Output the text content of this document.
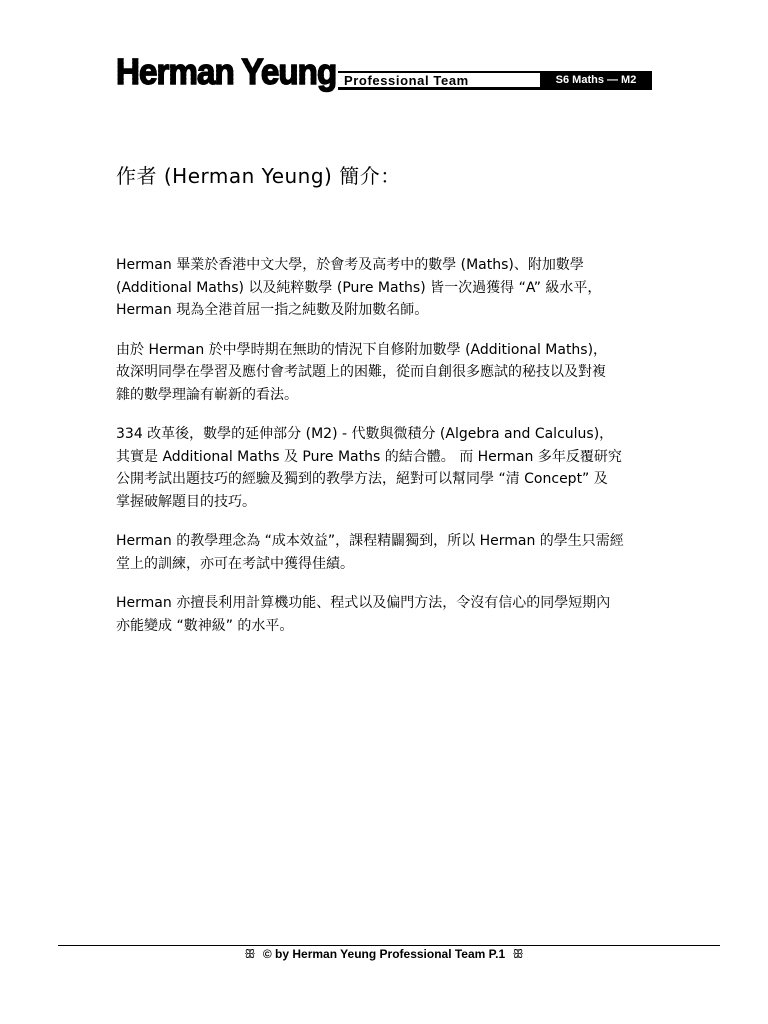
Herman Yeung Professional Team	S6 Maths — M2
作者 (Herman Yeung) 簡介：

Herman 畢業於香港中文大學，於會考及高考中的數學 (Maths)、附加數學
(Additional Maths) 以及純粹數學 (Pure Maths) 皆一次過獲得 “A” 級水平，
Herman 現為全港首屈一指之純數及附加數名師。

由於 Herman 於中學時期在無助的情況下自修附加數學 (Additional Maths)，
故深明同學在學習及應付會考試題上的困難，從而自創很多應試的秘技以及對複
雜的數學理論有嶄新的看法。

334 改革後，數學的延伸部分 (M2) - 代數與微積分 (Algebra and Calculus)，
其實是 Additional Maths 及 Pure Maths 的結合體。 而 Herman 多年反覆研究
公開考試出題技巧的經驗及獨到的教學方法，絕對可以幫同學 “清 Concept” 及
掌握破解題目的技巧。

Herman 的教學理念為 “成本效益”，課程精闢獨到，所以 Herman 的學生只需經
堂上的訓練，亦可在考試中獲得佳績。

Herman 亦擅長利用計算機功能、程式以及偏門方法，令沒有信心的同學短期內
亦能變成 “數神級” 的水平。

ꕥ © by Herman Yeung Professional Team P.1 ꕥ
